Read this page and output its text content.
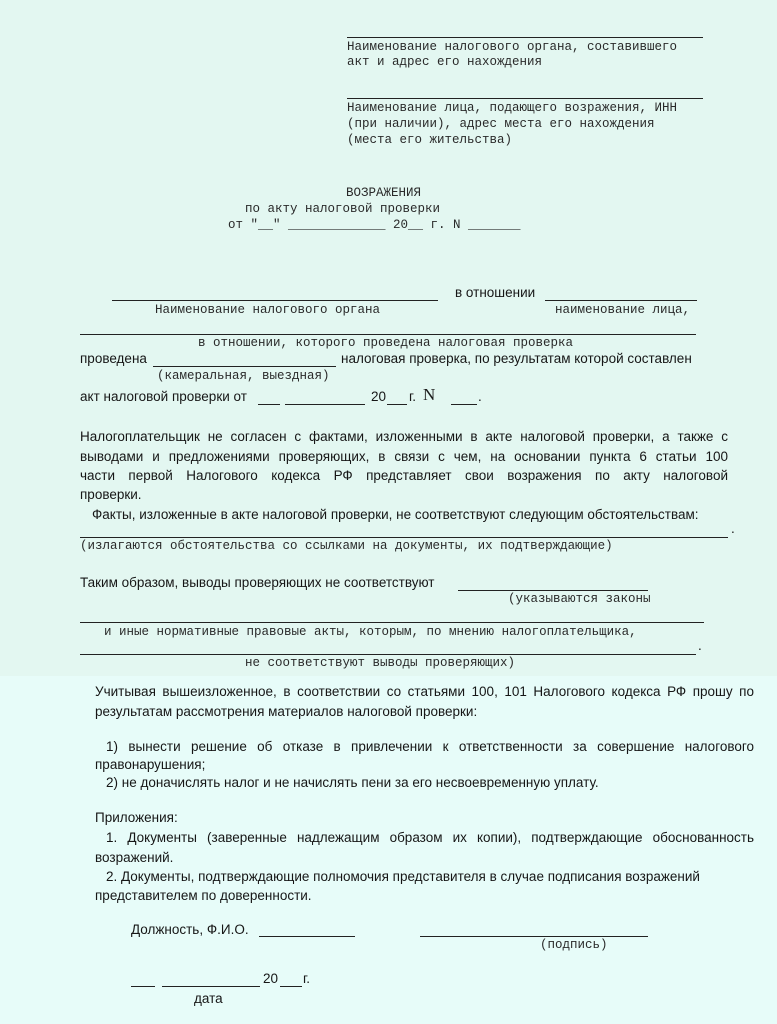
Наименование налогового органа, составившего
акт и адрес его нахождения
Наименование лица, подающего возражения, ИНН
(при наличии), адрес места его нахождения
(места его жительства)
ВОЗРАЖЕНИЯ
по акту налоговой проверки
от "__" _____________ 20__ г. N _______
в отношении
Наименование налогового органа	наименование лица,
в отношении, которого проведена налоговая проверка
проведена	налоговая проверка, по результатам которой составлен
(камеральная, выездная)
акт налоговой проверки от	20 г. N	.
Налогоплательщик не согласен с фактами, изложенными в акте налоговой проверки, а также с
выводами и предложениями проверяющих, в связи с чем, на основании пункта 6 статьи 100
части первой Налогового кодекса РФ представляет свои возражения по акту налоговой
проверки.
Факты, изложенные в акте налоговой проверки, не соответствуют следующим обстоятельствам:
.
(излагаются обстоятельства со ссылками на документы, их подтверждающие)
Таким образом, выводы проверяющих не соответствуют
(указываются законы
и иные нормативные правовые акты, которым, по мнению налогоплательщика,
.
не соответствуют выводы проверяющих)
Учитывая вышеизложенное, в соответствии со статьями 100, 101 Налогового кодекса РФ прошу по
результатам рассмотрения материалов налоговой проверки:
1) вынести решение об отказе в привлечении к ответственности за совершение налогового
правонарушения;
2) не доначислять налог и не начислять пени за его несвоевременную уплату.
Приложения:
1. Документы (заверенные надлежащим образом их копии), подтверждающие обоснованность
возражений.
2. Документы, подтверждающие полномочия представителя в случае подписания возражений
представителем по доверенности.
Должность, Ф.И.О.
(подпись)
20 г.
дата
